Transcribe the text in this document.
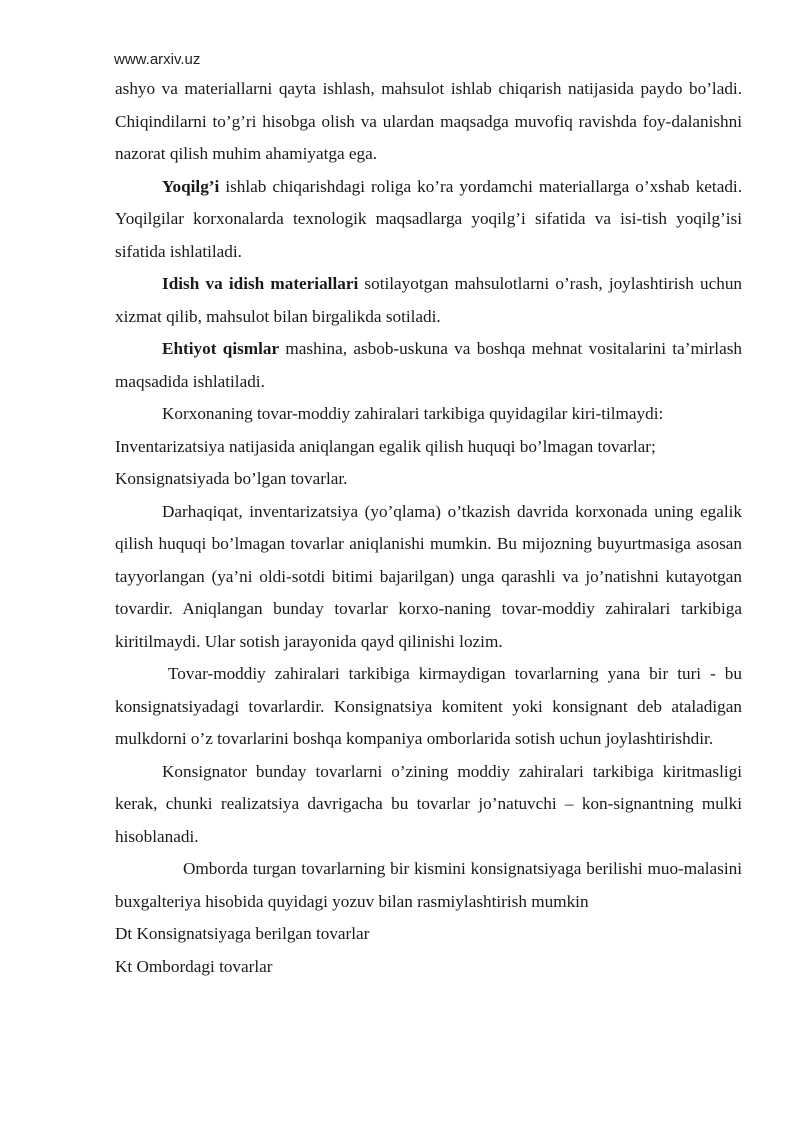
www.arxiv.uz

ashyo va materiallarni qayta ishlash, mahsulot ishlab chiqarish natijasida paydo bo’ladi. Chiqindilarni to’g’ri hisobga olish va ulardan maqsadga muvofiq ravishda foy-dalanishni nazorat qilish muhim ahamiyatga ega.

Yoqilg’i ishlab chiqarishdagi roliga ko’ra yordamchi materiallarga o’xshab ketadi. Yoqilgilar korxonalarda texnologik maqsadlarga yoqilg’i sifatida va isi-tish yoqilg’isi sifatida ishlatiladi.

Idish va idish materiallari sotilayotgan mahsulotlarni o’rash, joylashtirish uchun xizmat qilib, mahsulot bilan birgalikda sotiladi.

Ehtiyot qismlar mashina, asbob-uskuna va boshqa mehnat vositalarini ta’mirlash maqsadida ishlatiladi.

Korxonaning tovar-moddiy zahiralari tarkibiga quyidagilar kiri-tilmaydi:

Inventarizatsiya natijasida aniqlangan egalik qilish huquqi bo’lmagan tovarlar;

Konsignatsiyada bo’lgan tovarlar.

Darhaqiqat, inventarizatsiya (yo’qlama) o’tkazish davrida korxonada uning egalik qilish huquqi bo’lmagan tovarlar aniqlanishi mumkin. Bu mijozning buyurtmasiga asosan tayyorlangan (ya’ni oldi-sotdi bitimi bajarilgan) unga qarashli va jo’natishni kutayotgan tovardir. Aniqlangan bunday tovarlar korxo-naning tovar-moddiy zahiralari tarkibiga kiritilmaydi. Ular sotish jarayonida qayd qilinishi lozim.

Tovar-moddiy zahiralari tarkibiga kirmaydigan tovarlarning yana bir turi - bu konsignatsiyadagi tovarlardir. Konsignatsiya komitent yoki konsignant deb ataladigan mulkdorni o’z tovarlarini boshqa kompaniya omborlarida sotish uchun joylashtirishdir.

Konsignator bunday tovarlarni o’zining moddiy zahiralari tarkibiga kiritmasligi kerak, chunki realizatsiya davrigacha bu tovarlar jo’natuvchi – kon-signantning mulki hisoblanadi.

Omborda turgan tovarlarning bir kismini konsignatsiyaga berilishi muo-malasini buxgalteriya hisobida quyidagi yozuv bilan rasmiylashtirish mumkin

Dt Konsignatsiyaga berilgan tovarlar

Kt Ombordagi tovarlar
